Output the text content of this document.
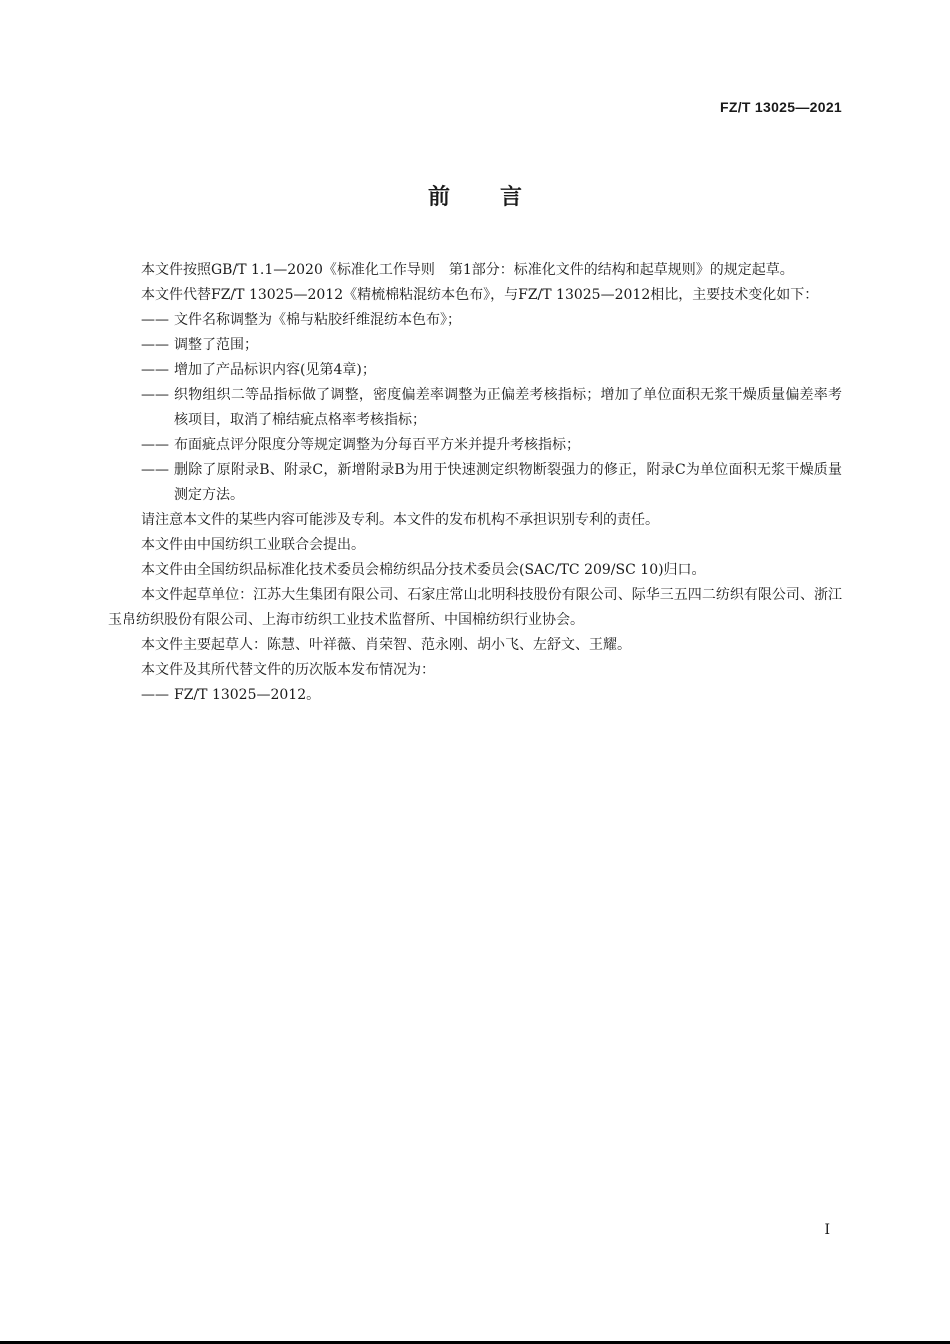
FZ/T 13025—2021
前言

本文件按照GB/T 1.1—2020《标准化工作导则　第1部分：标准化文件的结构和起草规则》的规定起草。

本文件代替FZ/T 13025—2012《精梳棉粘混纺本色布》，与FZ/T 13025—2012相比，主要技术变化如下：

—— 文件名称调整为《棉与粘胶纤维混纺本色布》；

—— 调整了范围；

—— 增加了产品标识内容(见第4章)；

—— 织物组织二等品指标做了调整，密度偏差率调整为正偏差考核指标；增加了单位面积无浆干燥质量偏差率考核项目，取消了棉结疵点格率考核指标；

—— 布面疵点评分限度分等规定调整为分每百平方米并提升考核指标；

—— 删除了原附录B、附录C，新增附录B为用于快速测定织物断裂强力的修正，附录C为单位面积无浆干燥质量测定方法。

请注意本文件的某些内容可能涉及专利。本文件的发布机构不承担识别专利的责任。

本文件由中国纺织工业联合会提出。

本文件由全国纺织品标准化技术委员会棉纺织品分技术委员会(SAC/TC 209/SC 10)归口。

本文件起草单位：江苏大生集团有限公司、石家庄常山北明科技股份有限公司、际华三五四二纺织有限公司、浙江玉帛纺织股份有限公司、上海市纺织工业技术监督所、中国棉纺织行业协会。

本文件主要起草人：陈慧、叶祥薇、肖荣智、范永刚、胡小飞、左舒文、王耀。

本文件及其所代替文件的历次版本发布情况为：

—— FZ/T 13025—2012。

I
